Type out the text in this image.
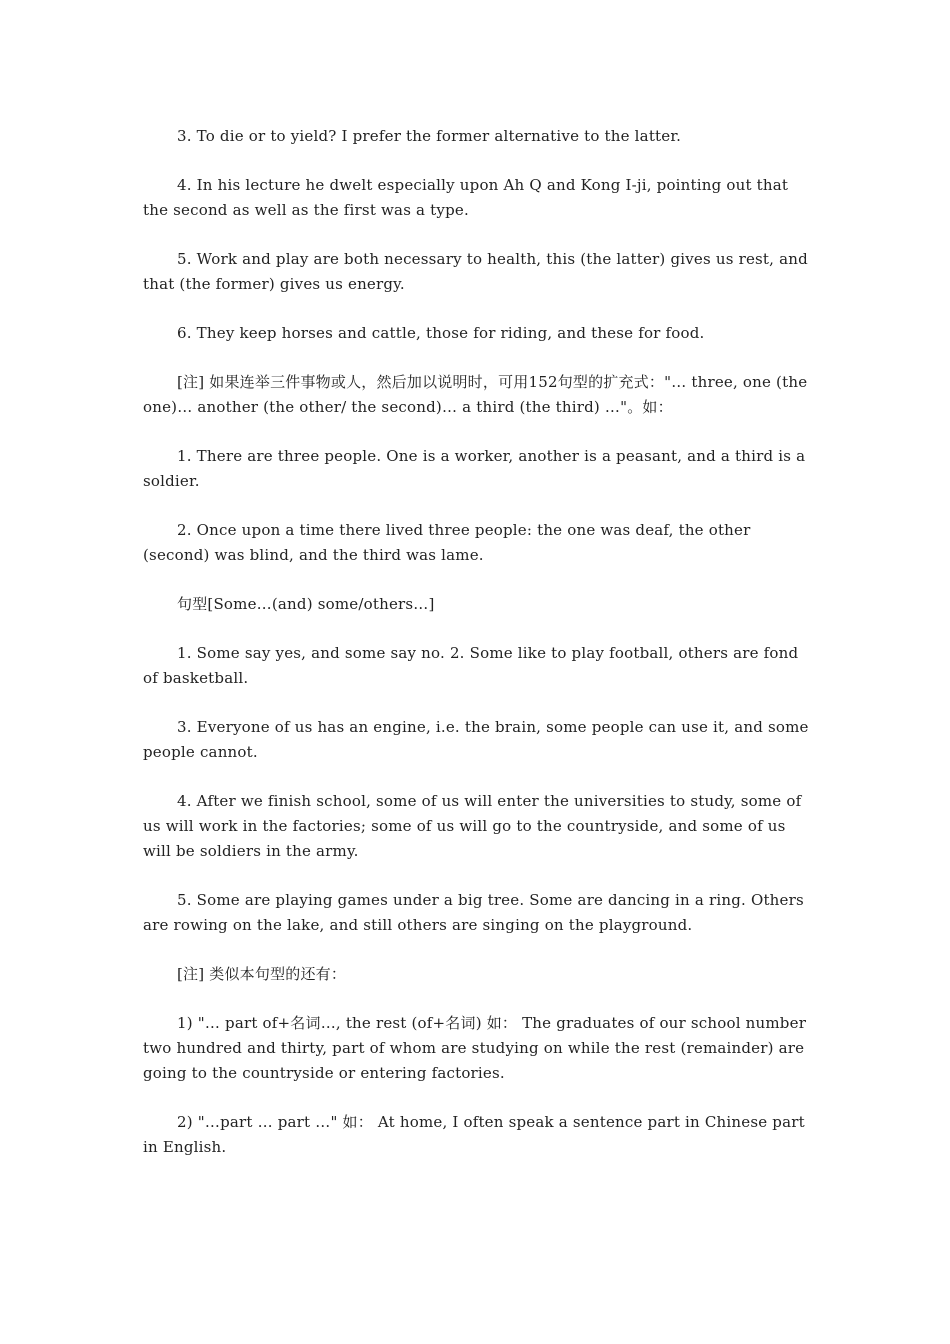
3. To die or to yield? I prefer the former alternative to the latter.

4. In his lecture he dwelt especially upon Ah Q and Kong I-ji, pointing out that the second as well as the first was a type.

5. Work and play are both necessary to health, this (the latter) gives us rest, and that (the former) gives us energy.

6. They keep horses and cattle, those for riding, and these for food.

[注] 如果连举三件事物或人，然后加以说明时，可用152句型的扩充式："… three, one (the one)… another (the other/ the second)… a third (the third) …"。如：

1. There are three people. One is a worker, another is a peasant, and a third is a soldier.

2. Once upon a time there lived three people: the one was deaf, the other (second) was blind, and the third was lame.

句型[Some…(and) some/others…]

1. Some say yes, and some say no. 2. Some like to play football, others are fond of basketball.

3. Everyone of us has an engine, i.e. the brain, some people can use it, and some people cannot.

4. After we finish school, some of us will enter the universities to study, some of us will work in the factories; some of us will go to the countryside, and some of us will be soldiers in the army.

5. Some are playing games under a big tree. Some are dancing in a ring. Others are rowing on the lake, and still others are singing on the playground.

[注] 类似本句型的还有：

1) "… part of+名词…, the rest (of+名词) 如： The graduates of our school number two hundred and thirty, part of whom are studying on while the rest (remainder) are going to the countryside or entering factories.

2) "…part … part …" 如： At home, I often speak a sentence part in Chinese part in English.
